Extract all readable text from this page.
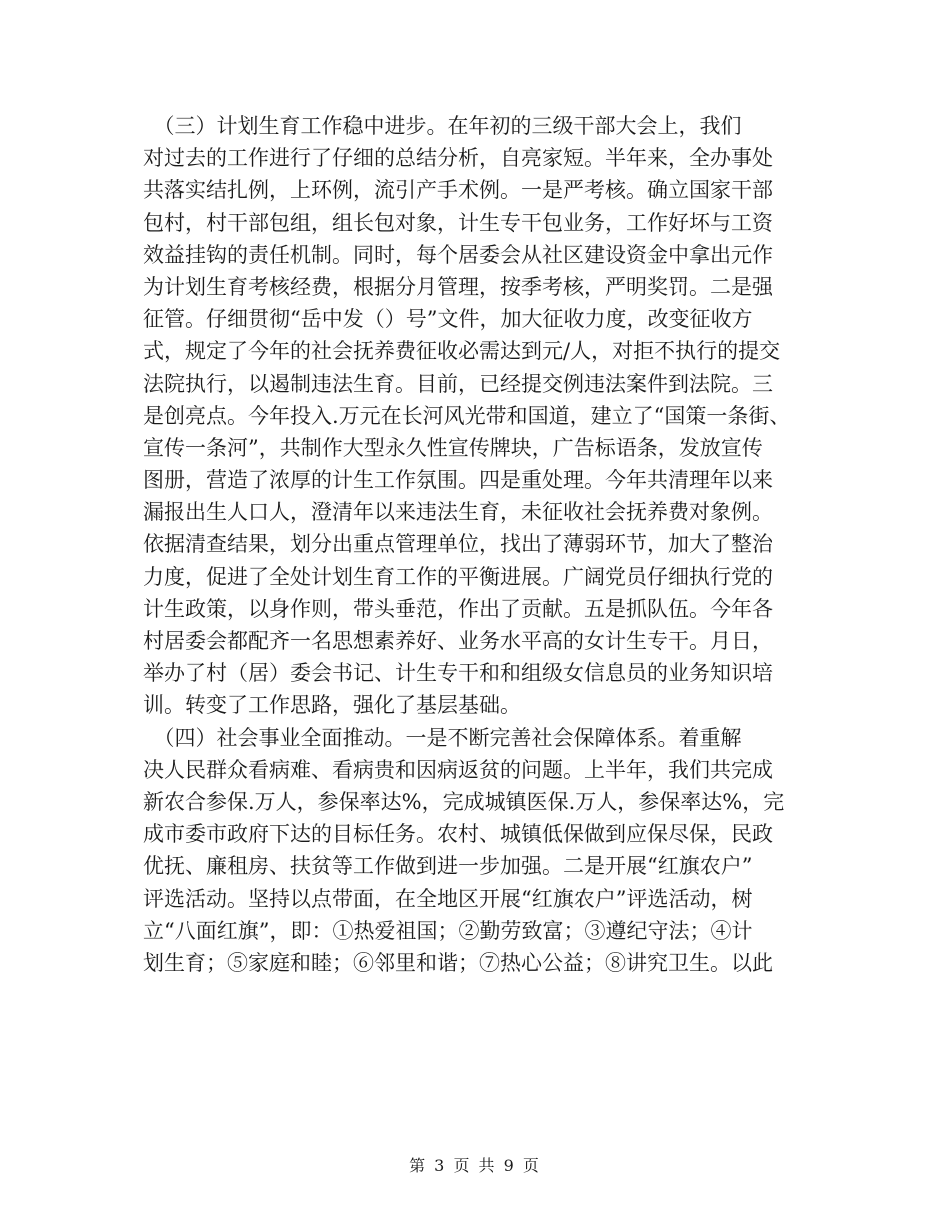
　（三）计划生育工作稳中进步。在年初的三级干部大会上，我们
对过去的工作进行了仔细的总结分析，自亮家短。半年来，全办事处
共落实结扎例，上环例，流引产手术例。一是严考核。确立国家干部
包村，村干部包组，组长包对象，计生专干包业务，工作好坏与工资
效益挂钩的责任机制。同时，每个居委会从社区建设资金中拿出元作
为计划生育考核经费，根据分月管理，按季考核，严明奖罚。二是强
征管。仔细贯彻“岳中发（）号”文件，加大征收力度，改变征收方
式，规定了今年的社会抚养费征收必需达到元/人，对拒不执行的提交
法院执行，以遏制违法生育。目前，已经提交例违法案件到法院。三
是创亮点。今年投入.万元在长河风光带和国道，建立了“国策一条街、
宣传一条河”，共制作大型永久性宣传牌块，广告标语条，发放宣传
图册，营造了浓厚的计生工作氛围。四是重处理。今年共清理年以来
漏报出生人口人，澄清年以来违法生育，未征收社会抚养费对象例。
依据清查结果，划分出重点管理单位，找出了薄弱环节，加大了整治
力度，促进了全处计划生育工作的平衡进展。广阔党员仔细执行党的
计生政策，以身作则，带头垂范，作出了贡献。五是抓队伍。今年各
村居委会都配齐一名思想素养好、业务水平高的女计生专干。月日，
举办了村（居）委会书记、计生专干和和组级女信息员的业务知识培
训。转变了工作思路，强化了基层基础。
　（四）社会事业全面推动。一是不断完善社会保障体系。着重解
决人民群众看病难、看病贵和因病返贫的问题。上半年，我们共完成
新农合参保.万人，参保率达%，完成城镇医保.万人，参保率达%，完
成市委市政府下达的目标任务。农村、城镇低保做到应保尽保，民政
优抚、廉租房、扶贫等工作做到进一步加强。二是开展“红旗农户”
评选活动。坚持以点带面，在全地区开展“红旗农户”评选活动，树
立“八面红旗”，即：①热爱祖国；②勤劳致富；③遵纪守法；④计
划生育；⑤家庭和睦；⑥邻里和谐；⑦热心公益；⑧讲究卫生。以此
第 3 页 共 9 页
